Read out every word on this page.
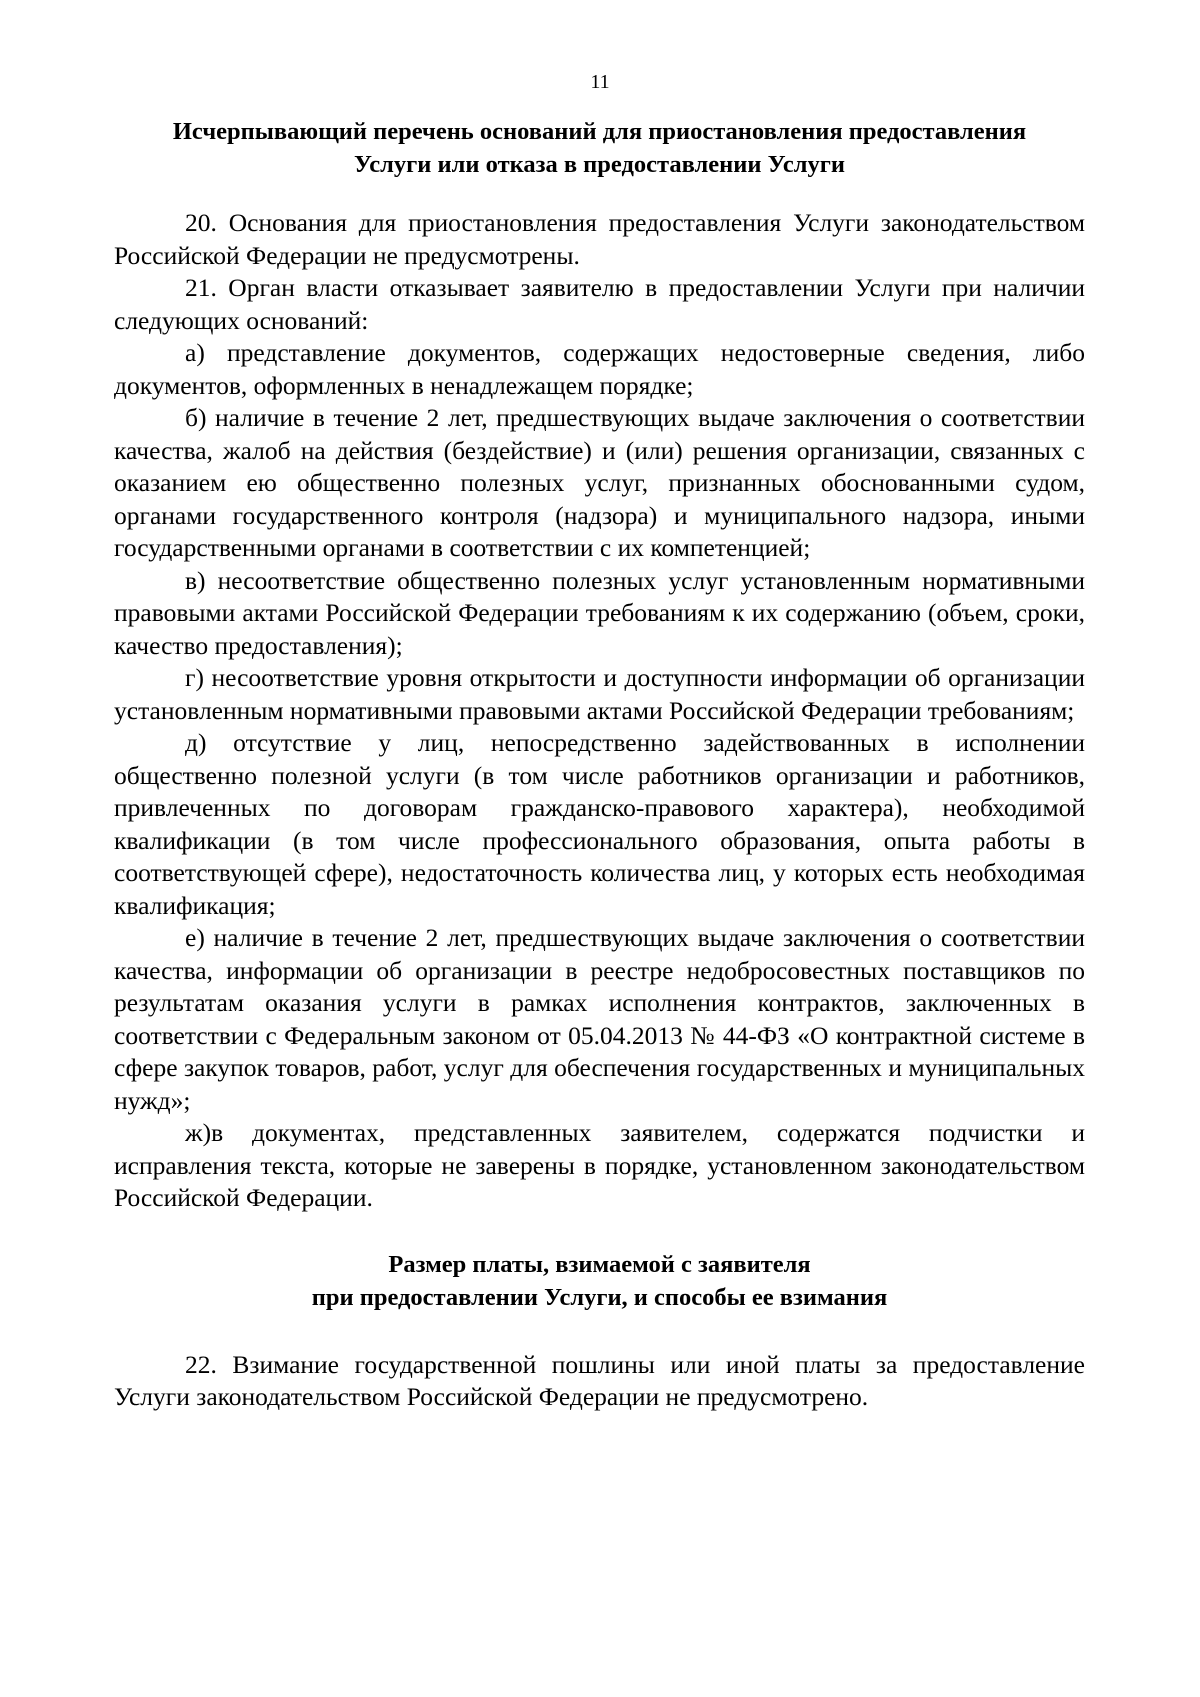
11
Исчерпывающий перечень оснований для приостановления предоставления
Услуги или отказа в предоставлении Услуги

20. Основания для приостановления предоставления Услуги законодательством Российской Федерации не предусмотрены.

21. Орган власти отказывает заявителю в предоставлении Услуги при наличии следующих оснований:

а) представление документов, содержащих недостоверные сведения, либо документов, оформленных в ненадлежащем порядке;

б) наличие в течение 2 лет, предшествующих выдаче заключения о соответствии качества, жалоб на действия (бездействие) и (или) решения организации, связанных с оказанием ею общественно полезных услуг, признанных обоснованными судом, органами государственного контроля (надзора) и муниципального надзора, иными государственными органами в соответствии с их компетенцией;

в) несоответствие общественно полезных услуг установленным нормативными правовыми актами Российской Федерации требованиям к их содержанию (объем, сроки, качество предоставления);

г) несоответствие уровня открытости и доступности информации об организации установленным нормативными правовыми актами Российской Федерации требованиям;

д) отсутствие у лиц, непосредственно задействованных в исполнении общественно полезной услуги (в том числе работников организации и работников, привлеченных по договорам гражданско-правового характера), необходимой квалификации (в том числе профессионального образования, опыта работы в соответствующей сфере), недостаточность количества лиц, у которых есть необходимая квалификация;

е) наличие в течение 2 лет, предшествующих выдаче заключения о соответствии качества, информации об организации в реестре недобросовестных поставщиков по результатам оказания услуги в рамках исполнения контрактов, заключенных в соответствии с Федеральным законом от 05.04.2013 № 44-ФЗ «О контрактной системе в сфере закупок товаров, работ, услуг для обеспечения государственных и муниципальных нужд»;

ж)в документах, представленных заявителем, содержатся подчистки и исправления текста, которые не заверены в порядке, установленном законодательством Российской Федерации.

Размер платы, взимаемой с заявителя
при предоставлении Услуги, и способы ее взимания

22. Взимание государственной пошлины или иной платы за предоставление Услуги законодательством Российской Федерации не предусмотрено.
